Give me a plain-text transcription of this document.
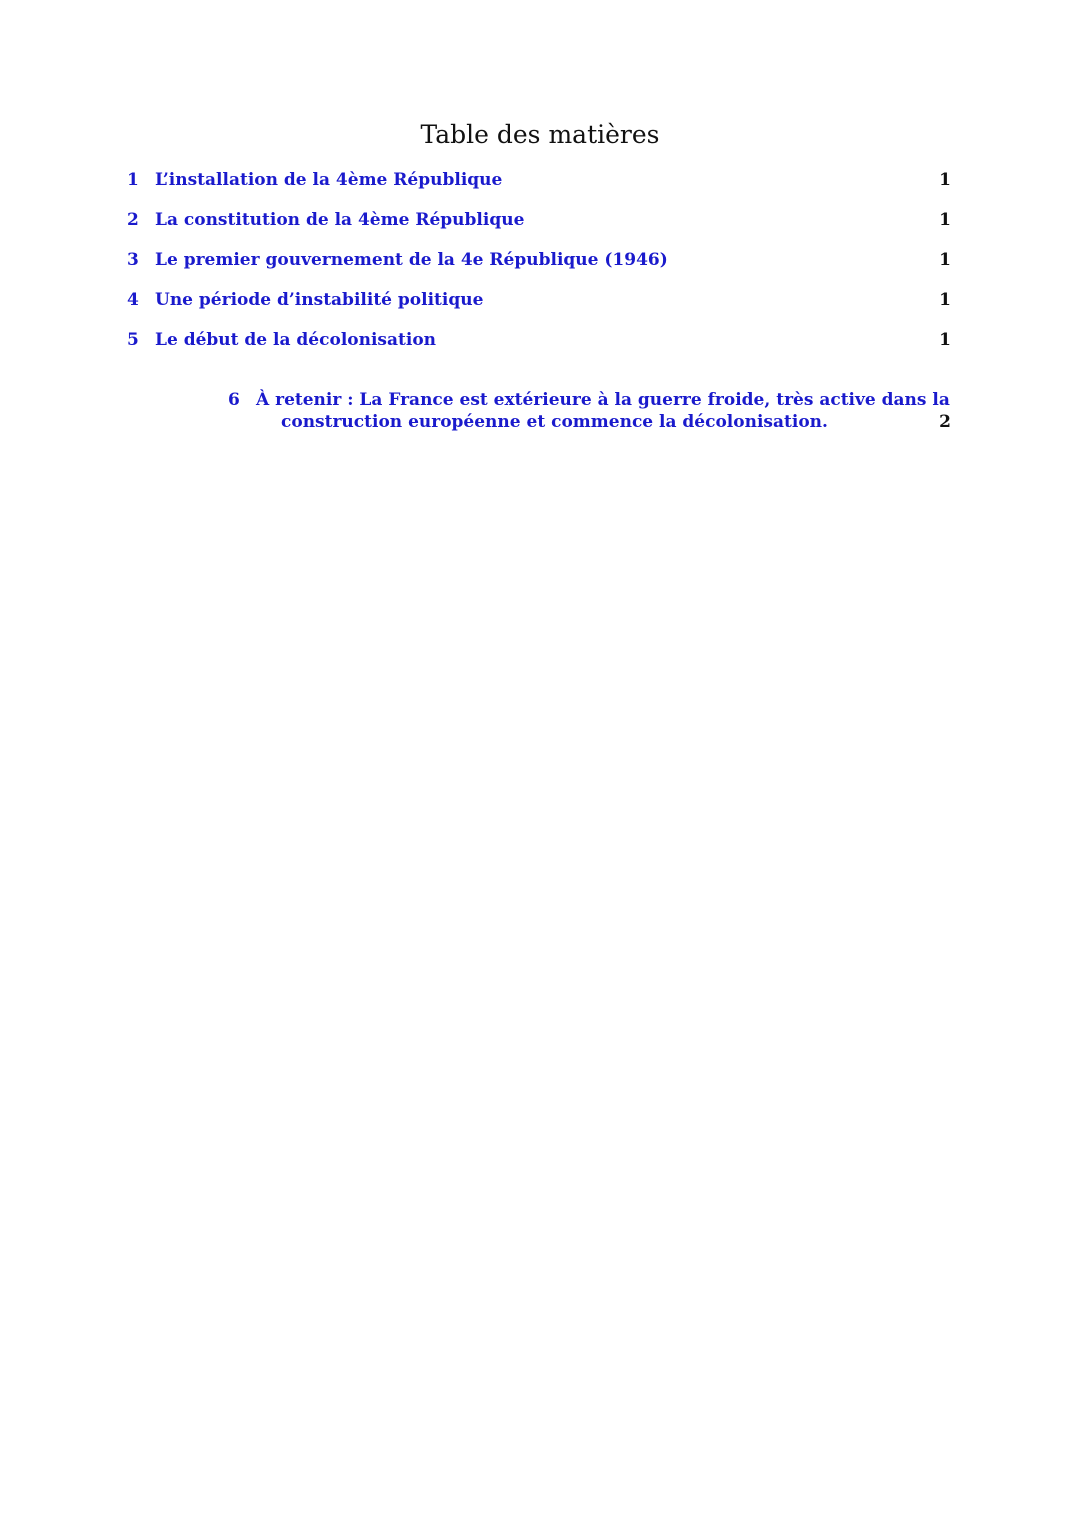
Table des matières
1 L’installation de la 4ème République	1
2 La constitution de la 4ème République	1
3 Le premier gouvernement de la 4e République (1946)	1
4 Une période d’instabilité politique	1
5 Le début de la décolonisation	1
6 À retenir : La France est extérieure à la guerre froide, très active dans la
construction européenne et commence la décolonisation.	2
